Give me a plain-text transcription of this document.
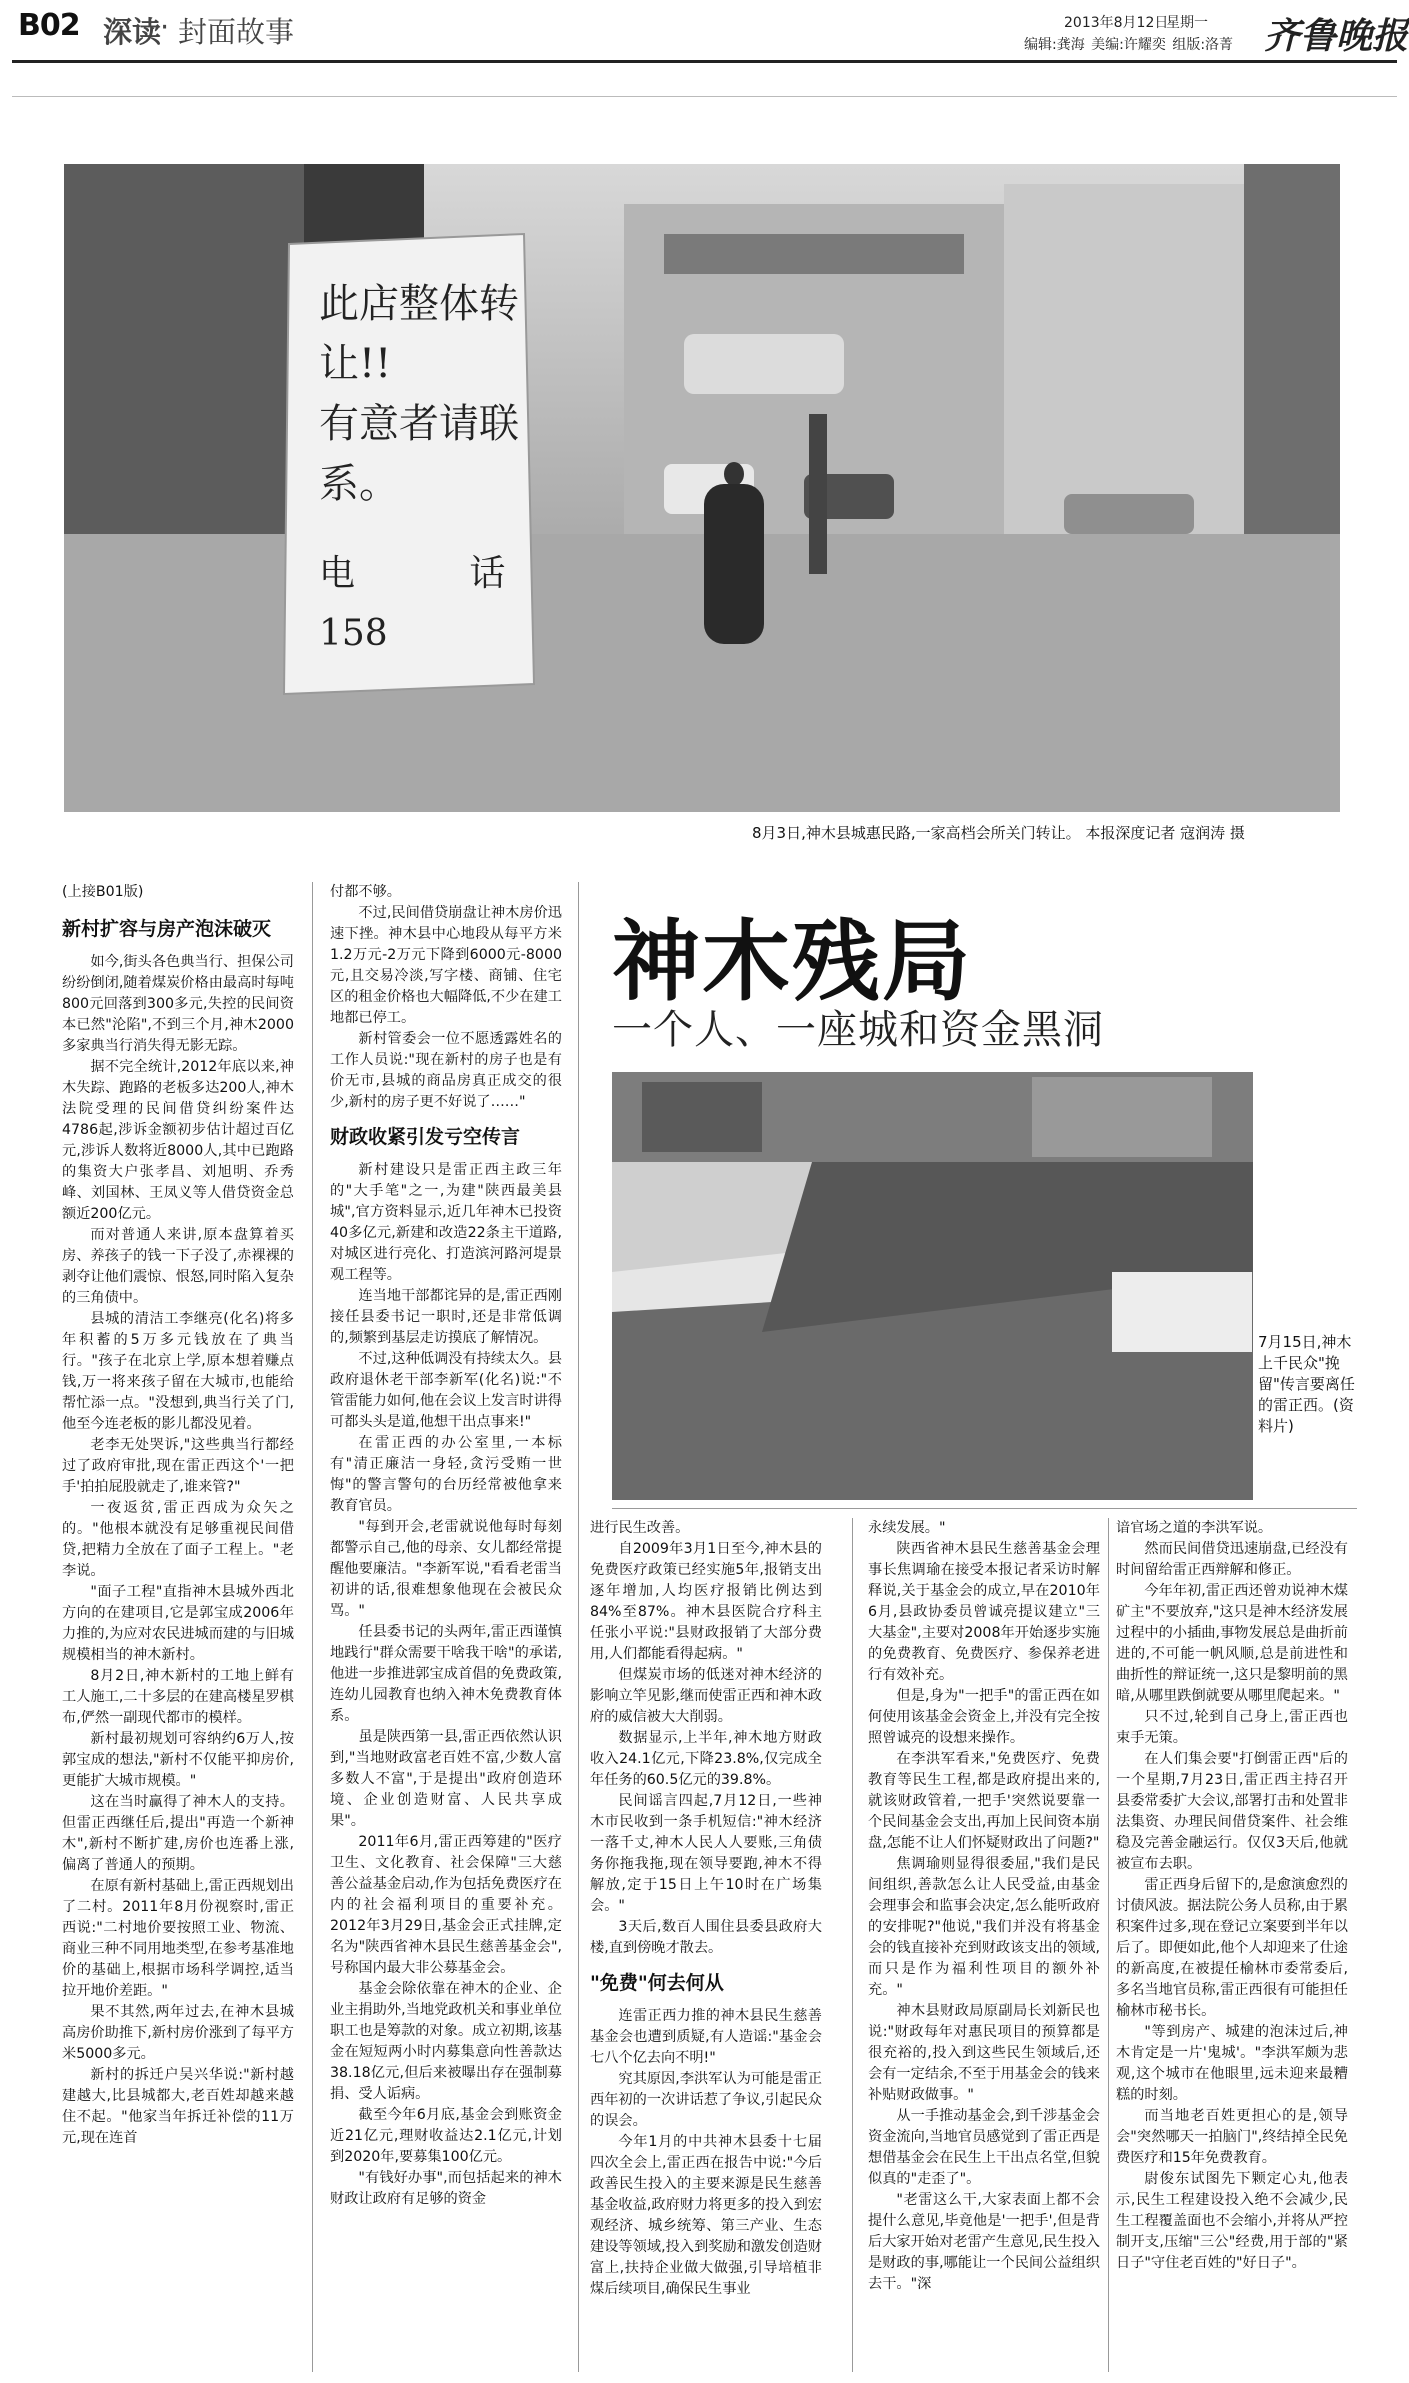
B02 深读
· 封面故事	2013年8月12日
星期一
编辑:龚海 美编:许耀奕 组版:洛菁 齐鲁晚报
此店整体转
让!!
有意者请联
系。
电          话
158
8月3日,神木县城惠民路,一家高档会所关门转让。 本报深度记者 寇润涛 摄
神木残局
一个人、一座城和资金黑洞
7月15日,神木上千民众"挽留"传言要离任的雷正西。(资料片)

(上接B01版)

新村扩容与房产泡沫破灭

如今,街头各色典当行、担保公司纷纷倒闭,随着煤炭价格由最高时每吨800元回落到300多元,失控的民间资本已然"沦陷",不到三个月,神木2000多家典当行消失得无影无踪。

据不完全统计,2012年底以来,神木失踪、跑路的老板多达200人,神木法院受理的民间借贷纠纷案件达4786起,涉诉金额初步估计超过百亿元,涉诉人数将近8000人,其中已跑路的集资大户张孝昌、刘旭明、乔秀峰、刘国林、王凤义等人借贷资金总额近200亿元。

而对普通人来讲,原本盘算着买房、养孩子的钱一下子没了,赤裸裸的剥夺让他们震惊、恨怒,同时陷入复杂的三角债中。

县城的清洁工李继亮(化名)将多年积蓄的5万多元钱放在了典当行。"孩子在北京上学,原本想着赚点钱,万一将来孩子留在大城市,也能给帮忙添一点。"没想到,典当行关了门,他至今连老板的影儿都没见着。

老李无处哭诉,"这些典当行都经过了政府审批,现在雷正西这个'一把手'拍拍屁股就走了,谁来管?"

一夜返贫,雷正西成为众矢之的。"他根本就没有足够重视民间借贷,把精力全放在了面子工程上。"老李说。

"面子工程"直指神木县城外西北方向的在建项目,它是郭宝成2006年力推的,为应对农民进城而建的与旧城规模相当的神木新村。

8月2日,神木新村的工地上鲜有工人施工,二十多层的在建高楼星罗棋布,俨然一副现代都市的模样。

新村最初规划可容纳约6万人,按郭宝成的想法,"新村不仅能平抑房价,更能扩大城市规模。"

这在当时赢得了神木人的支持。但雷正西继任后,提出"再造一个新神木",新村不断扩建,房价也连番上涨,偏离了普通人的预期。

在原有新村基础上,雷正西规划出了二村。2011年8月份视察时,雷正西说:"二村地价要按照工业、物流、商业三种不同用地类型,在参考基准地价的基础上,根据市场科学调控,适当拉开地价差距。"

果不其然,两年过去,在神木县城高房价助推下,新村房价涨到了每平方米5000多元。

新村的拆迁户吴兴华说:"新村越建越大,比县城都大,老百姓却越来越住不起。"他家当年拆迁补偿的11万元,现在连首

付都不够。

不过,民间借贷崩盘让神木房价迅速下挫。神木县中心地段从每平方米1.2万元-2万元下降到6000元-8000元,且交易冷淡,写字楼、商铺、住宅区的租金价格也大幅降低,不少在建工地都已停工。

新村管委会一位不愿透露姓名的工作人员说:"现在新村的房子也是有价无市,县城的商品房真正成交的很少,新村的房子更不好说了……"

财政收紧引发亏空传言

新村建设只是雷正西主政三年的"大手笔"之一,为建"陕西最美县城",官方资料显示,近几年神木已投资40多亿元,新建和改造22条主干道路,对城区进行亮化、打造滨河路河堤景观工程等。

连当地干部都诧异的是,雷正西刚接任县委书记一职时,还是非常低调的,频繁到基层走访摸底了解情况。

不过,这种低调没有持续太久。县政府退休老干部李新军(化名)说:"不管雷能力如何,他在会议上发言时讲得可都头头是道,他想干出点事来!"

在雷正西的办公室里,一本标有"清正廉洁一身轻,贪污受贿一世悔"的警言警句的台历经常被他拿来教育官员。

"每到开会,老雷就说他每时每刻都警示自己,他的母亲、女儿都经常提醒他要廉洁。"李新军说,"看看老雷当初讲的话,很难想象他现在会被民众骂。"

任县委书记的头两年,雷正西谨慎地践行"群众需要干啥我干啥"的承诺,他进一步推进郭宝成首倡的免费政策,连幼儿园教育也纳入神木免费教育体系。

虽是陕西第一县,雷正西依然认识到,"当地财政富老百姓不富,少数人富多数人不富",于是提出"政府创造环境、企业创造财富、人民共享成果"。

2011年6月,雷正西筹建的"医疗卫生、文化教育、社会保障"三大慈善公益基金启动,作为包括免费医疗在内的社会福利项目的重要补充。2012年3月29日,基金会正式挂牌,定名为"陕西省神木县民生慈善基金会",号称国内最大非公募基金会。

基金会除依靠在神木的企业、企业主捐助外,当地党政机关和事业单位职工也是筹款的对象。成立初期,该基金在短短两小时内募集意向性善款达38.18亿元,但后来被曝出存在强制募捐、受人诟病。

截至今年6月底,基金会到账资金近21亿元,理财收益达2.1亿元,计划到2020年,要募集100亿元。

"有钱好办事",而包括起来的神木财政让政府有足够的资金

进行民生改善。

自2009年3月1日至今,神木县的免费医疗政策已经实施5年,报销支出逐年增加,人均医疗报销比例达到84%至87%。神木县医院合疗科主任张小平说:"县财政报销了大部分费用,人们都能看得起病。"

但煤炭市场的低迷对神木经济的影响立竿见影,继而使雷正西和神木政府的威信被大大削弱。

数据显示,上半年,神木地方财政收入24.1亿元,下降23.8%,仅完成全年任务的60.5亿元的39.8%。

民间谣言四起,7月12日,一些神木市民收到一条手机短信:"神木经济一落千丈,神木人民人人要账,三角债务你拖我拖,现在领导要跑,神木不得解放,定于15日上午10时在广场集会。"

3天后,数百人围住县委县政府大楼,直到傍晚才散去。

"免费"何去何从

连雷正西力推的神木县民生慈善基金会也遭到质疑,有人造谣:"基金会七八个亿去向不明!"

究其原因,李洪军认为可能是雷正西年初的一次讲话惹了争议,引起民众的误会。

今年1月的中共神木县委十七届四次全会上,雷正西在报告中说:"今后政善民生投入的主要来源是民生慈善基金收益,政府财力将更多的投入到宏观经济、城乡统筹、第三产业、生态建设等领域,投入到奖励和激发创造财富上,扶持企业做大做强,引导培植非煤后续项目,确保民生事业

永续发展。"

陕西省神木县民生慈善基金会理事长焦调瑜在接受本报记者采访时解释说,关于基金会的成立,早在2010年6月,县政协委员曾诚亮提议建立"三大基金",主要对2008年开始逐步实施的免费教育、免费医疗、参保养老进行有效补充。

但是,身为"一把手"的雷正西在如何使用该基金会资金上,并没有完全按照曾诚亮的设想来操作。

在李洪军看来,"免费医疗、免费教育等民生工程,都是政府提出来的,就该财政管着,一把手'突然说要靠一个民间基金会支出,再加上民间资本崩盘,怎能不让人们怀疑财政出了问题?"

焦调瑜则显得很委屈,"我们是民间组织,善款怎么让人民受益,由基金会理事会和监事会决定,怎么能听政府的安排呢?"他说,"我们并没有将基金会的钱直接补充到财政该支出的领域,而只是作为福利性项目的额外补充。"

神木县财政局原副局长刘新民也说:"财政每年对惠民项目的预算都是很充裕的,投入到这些民生领域后,还会有一定结余,不至于用基金会的钱来补贴财政做事。"

从一手推动基金会,到千涉基金会资金流向,当地官员感觉到了雷正西是想借基金会在民生上干出点名堂,但貌似真的"走歪了"。

"老雷这么干,大家表面上都不会提什么意见,毕竟他是'一把手',但是背后大家开始对老雷产生意见,民生投入是财政的事,哪能让一个民间公益组织去干。"深

谙官场之道的李洪军说。

然而民间借贷迅速崩盘,已经没有时间留给雷正西辩解和修正。

今年年初,雷正西还曾劝说神木煤矿主"不要放弃,"这只是神木经济发展过程中的小插曲,事物发展总是曲折前进的,不可能一帆风顺,总是前进性和曲折性的辩证统一,这只是黎明前的黑暗,从哪里跌倒就要从哪里爬起来。"

只不过,轮到自己身上,雷正西也束手无策。

在人们集会要"打倒雷正西"后的一个星期,7月23日,雷正西主持召开县委常委扩大会议,部署打击和处置非法集资、办理民间借贷案件、社会维稳及完善金融运行。仅仅3天后,他就被宣布去职。

雷正西身后留下的,是愈演愈烈的讨债风波。据法院公务人员称,由于累积案件过多,现在登记立案要到半年以后了。即便如此,他个人却迎来了仕途的新高度,在被提任榆林市委常委后,多名当地官员称,雷正西很有可能担任榆林市秘书长。

"等到房产、城建的泡沫过后,神木肯定是一片'鬼城'。"李洪军颇为悲观,这个城市在他眼里,远未迎来最糟糕的时刻。

而当地老百姓更担心的是,领导会"突然哪天一拍脑门",终结掉全民免费医疗和15年免费教育。

尉俊东试图先下颗定心丸,他表示,民生工程建设投入绝不会减少,民生工程覆盖面也不会缩小,并将从严控制开支,压缩"三公"经费,用于部的"紧日子"守住老百姓的"好日子"。
